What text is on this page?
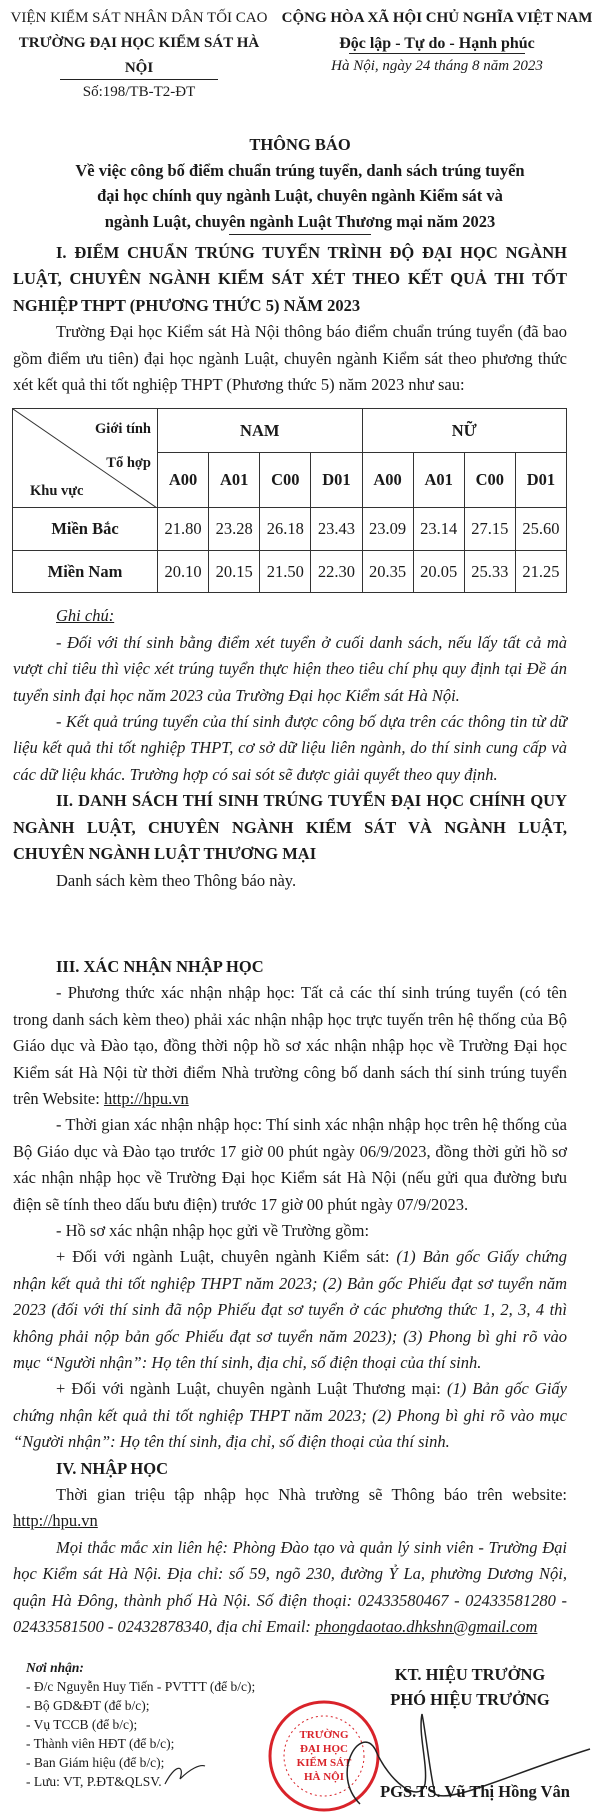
VIỆN KIỂM SÁT NHÂN DÂN TỐI CAO
TRƯỜNG ĐẠI HỌC KIỂM SÁT HÀ NỘI
Số:198/TB-T2-ĐT
CỘNG HÒA XÃ HỘI CHỦ NGHĨA VIỆT NAM
Độc lập - Tự do - Hạnh phúc
Hà Nội, ngày 24 tháng 8 năm 2023
THÔNG BÁO
Về việc công bố điểm chuẩn trúng tuyển, danh sách trúng tuyển
đại học chính quy ngành Luật, chuyên ngành Kiểm sát và
ngành Luật, chuyên ngành Luật Thương mại năm 2023

I. ĐIỂM CHUẨN TRÚNG TUYỂN TRÌNH ĐỘ ĐẠI HỌC NGÀNH LUẬT, CHUYÊN NGÀNH KIỂM SÁT XÉT THEO KẾT QUẢ THI TỐT NGHIỆP THPT (PHƯƠNG THỨC 5) NĂM 2023

Trường Đại học Kiểm sát Hà Nội thông báo điểm chuẩn trúng tuyển (đã bao gồm điểm ưu tiên) đại học ngành Luật, chuyên ngành Kiểm sát theo phương thức xét kết quả thi tốt nghiệp THPT (Phương thức 5) năm 2023 như sau:

Giới tính
Tổ hợp
Khu vực	NAM				NỮ			
	A00	A01	C00	D01	A00	A01	C00	D01
Miền Bắc	21.80	23.28	26.18	23.43	23.09	23.14	27.15	25.60
Miền Nam	20.10	20.15	21.50	22.30	20.35	20.05	25.33	21.25

Ghi chú:

- Đối với thí sinh bằng điểm xét tuyển ở cuối danh sách, nếu lấy tất cả mà vượt chỉ tiêu thì việc xét trúng tuyển thực hiện theo tiêu chí phụ quy định tại Đề án tuyển sinh đại học năm 2023 của Trường Đại học Kiểm sát Hà Nội.

- Kết quả trúng tuyển của thí sinh được công bố dựa trên các thông tin từ dữ liệu kết quả thi tốt nghiệp THPT, cơ sở dữ liệu liên ngành, do thí sinh cung cấp và các dữ liệu khác. Trường hợp có sai sót sẽ được giải quyết theo quy định.

II. DANH SÁCH THÍ SINH TRÚNG TUYỂN ĐẠI HỌC CHÍNH QUY NGÀNH LUẬT, CHUYÊN NGÀNH KIỂM SÁT VÀ NGÀNH LUẬT, CHUYÊN NGÀNH LUẬT THƯƠNG MẠI

Danh sách kèm theo Thông báo này.

III. XÁC NHẬN NHẬP HỌC

- Phương thức xác nhận nhập học: Tất cả các thí sinh trúng tuyển (có tên trong danh sách kèm theo) phải xác nhận nhập học trực tuyến trên hệ thống của Bộ Giáo dục và Đào tạo, đồng thời nộp hồ sơ xác nhận nhập học về Trường Đại học Kiểm sát Hà Nội từ thời điểm Nhà trường công bố danh sách thí sinh trúng tuyển trên Website: http://hpu.vn

- Thời gian xác nhận nhập học: Thí sinh xác nhận nhập học trên hệ thống của Bộ Giáo dục và Đào tạo trước 17 giờ 00 phút ngày 06/9/2023, đồng thời gửi hồ sơ xác nhận nhập học về Trường Đại học Kiểm sát Hà Nội (nếu gửi qua đường bưu điện sẽ tính theo dấu bưu điện) trước 17 giờ 00 phút ngày 07/9/2023.

- Hồ sơ xác nhận nhập học gửi về Trường gồm:

+ Đối với ngành Luật, chuyên ngành Kiểm sát: (1) Bản gốc Giấy chứng nhận kết quả thi tốt nghiệp THPT năm 2023; (2) Bản gốc Phiếu đạt sơ tuyển năm 2023 (đối với thí sinh đã nộp Phiếu đạt sơ tuyển ở các phương thức 1, 2, 3, 4 thì không phải nộp bản gốc Phiếu đạt sơ tuyển năm 2023); (3) Phong bì ghi rõ vào mục “Người nhận”: Họ tên thí sinh, địa chỉ, số điện thoại của thí sinh.

+ Đối với ngành Luật, chuyên ngành Luật Thương mại: (1) Bản gốc Giấy chứng nhận kết quả thi tốt nghiệp THPT năm 2023; (2) Phong bì ghi rõ vào mục “Người nhận”: Họ tên thí sinh, địa chỉ, số điện thoại của thí sinh.

IV. NHẬP HỌC

Thời gian triệu tập nhập học Nhà trường sẽ Thông báo trên website: http://hpu.vn

Mọi thắc mắc xin liên hệ: Phòng Đào tạo và quản lý sinh viên - Trường Đại học Kiểm sát Hà Nội. Địa chỉ: số 59, ngõ 230, đường Ỷ La, phường Dương Nội, quận Hà Đông, thành phố Hà Nội. Số điện thoại: 02433580467 - 02433581280 - 02433581500 - 02432878340, địa chỉ Email: phongdaotao.dhkshn@gmail.com

Nơi nhận:
- Đ/c Nguyễn Huy Tiến - PVTTT (để b/c);
- Bộ GD&ĐT (để b/c);
- Vụ TCCB (để b/c);
- Thành viên HĐT (để b/c);
- Ban Giám hiệu (để b/c);
- Lưu: VT, P.ĐT&QLSV.
TRƯỜNG
ĐẠI HỌC
KIỂM SÁT
HÀ NỘI
KT. HIỆU TRƯỞNG
PHÓ HIỆU TRƯỞNG
PGS.TS. Vũ Thị Hồng Vân
